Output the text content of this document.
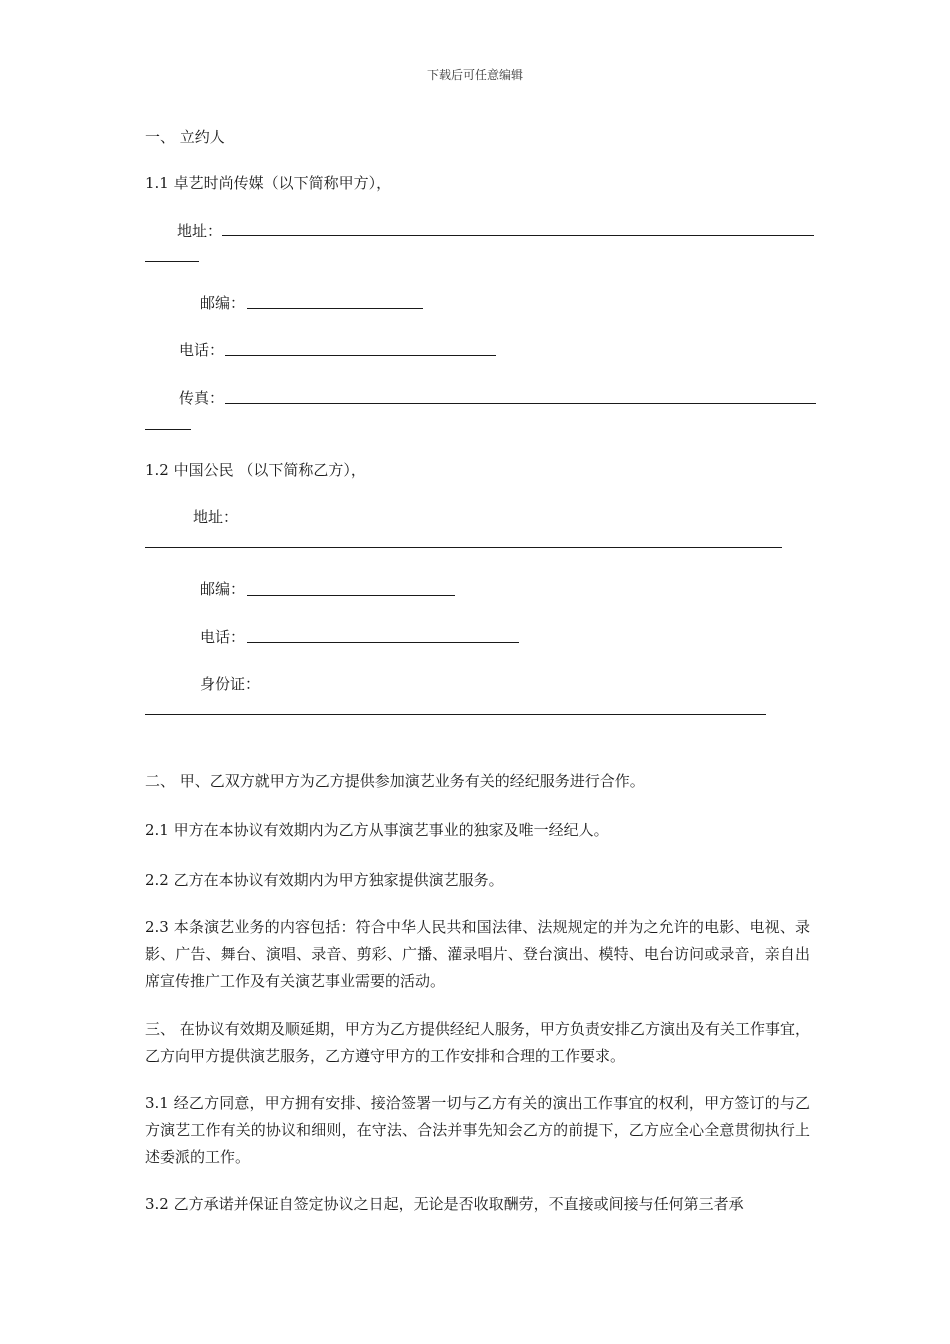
下载后可任意编辑
一、 立约人
1.1 卓艺时尚传媒（以下简称甲方），
地址：
邮编：
电话：
传真：
1.2 中国公民 （以下简称乙方），
地址：
邮编：
电话：
身份证：
二、 甲、乙双方就甲方为乙方提供参加演艺业务有关的经纪服务进行合作。
2.1 甲方在本协议有效期内为乙方从事演艺事业的独家及唯一经纪人。
2.2 乙方在本协议有效期内为甲方独家提供演艺服务。
2.3 本条演艺业务的内容包括：符合中华人民共和国法律、法规规定的并为之允许的电影、电视、录影、广告、舞台、演唱、录音、剪彩、广播、灌录唱片、登台演出、模特、电台访问或录音，亲自出席宣传推广工作及有关演艺事业需要的活动。
三、 在协议有效期及顺延期，甲方为乙方提供经纪人服务，甲方负责安排乙方演出及有关工作事宜，乙方向甲方提供演艺服务，乙方遵守甲方的工作安排和合理的工作要求。
3.1 经乙方同意，甲方拥有安排、接洽签署一切与乙方有关的演出工作事宜的权利，甲方签订的与乙方演艺工作有关的协议和细则，在守法、合法并事先知会乙方的前提下，乙方应全心全意贯彻执行上述委派的工作。
3.2 乙方承诺并保证自签定协议之日起，无论是否收取酬劳，不直接或间接与任何第三者承
